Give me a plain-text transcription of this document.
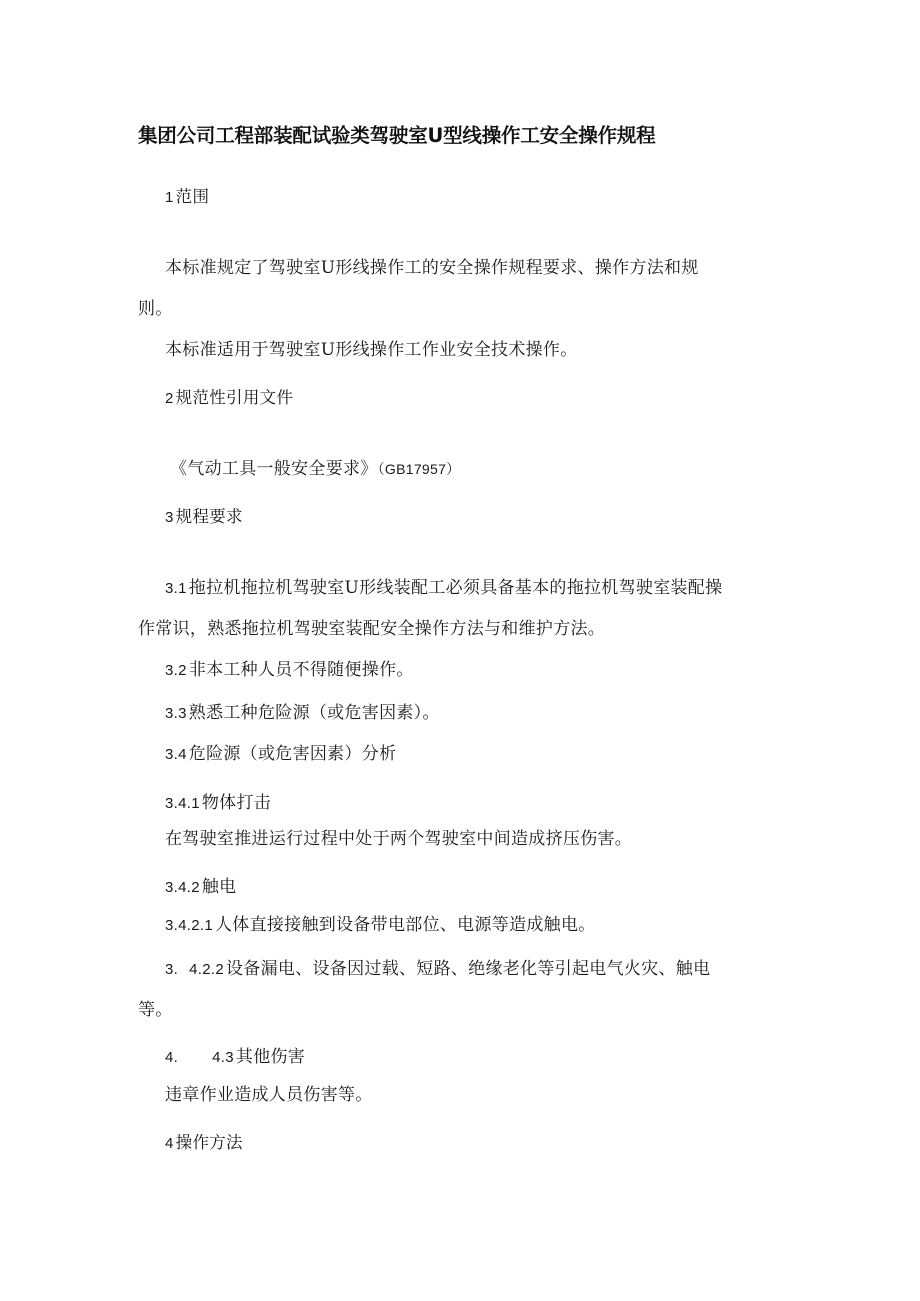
集团公司工程部装配试验类驾驶室U型线操作工安全操作规程
1 范围
本标准规定了驾驶室U形线操作工的安全操作规程要求、操作方法和规
则。
本标准适用于驾驶室U形线操作工作业安全技术操作。
2 规范性引用文件
《气动工具一般安全要求》（GB17957）
3 规程要求
3.1 拖拉机拖拉机驾驶室U形线装配工必须具备基本的拖拉机驾驶室装配操
作常识，熟悉拖拉机驾驶室装配安全操作方法与和维护方法。
3.2 非本工种人员不得随便操作。
3.3 熟悉工种危险源（或危害因素）。
3.4 危险源（或危害因素）分析
3.4.1 物体打击
在驾驶室推进运行过程中处于两个驾驶室中间造成挤压伤害。
3.4.2 触电
3.4.2.1 人体直接接触到设备带电部位、电源等造成触电。
3. 4.2.2 设备漏电、设备因过载、短路、绝缘老化等引起电气火灾、触电
等。
4. 4.3 其他伤害
违章作业造成人员伤害等。
4 操作方法
